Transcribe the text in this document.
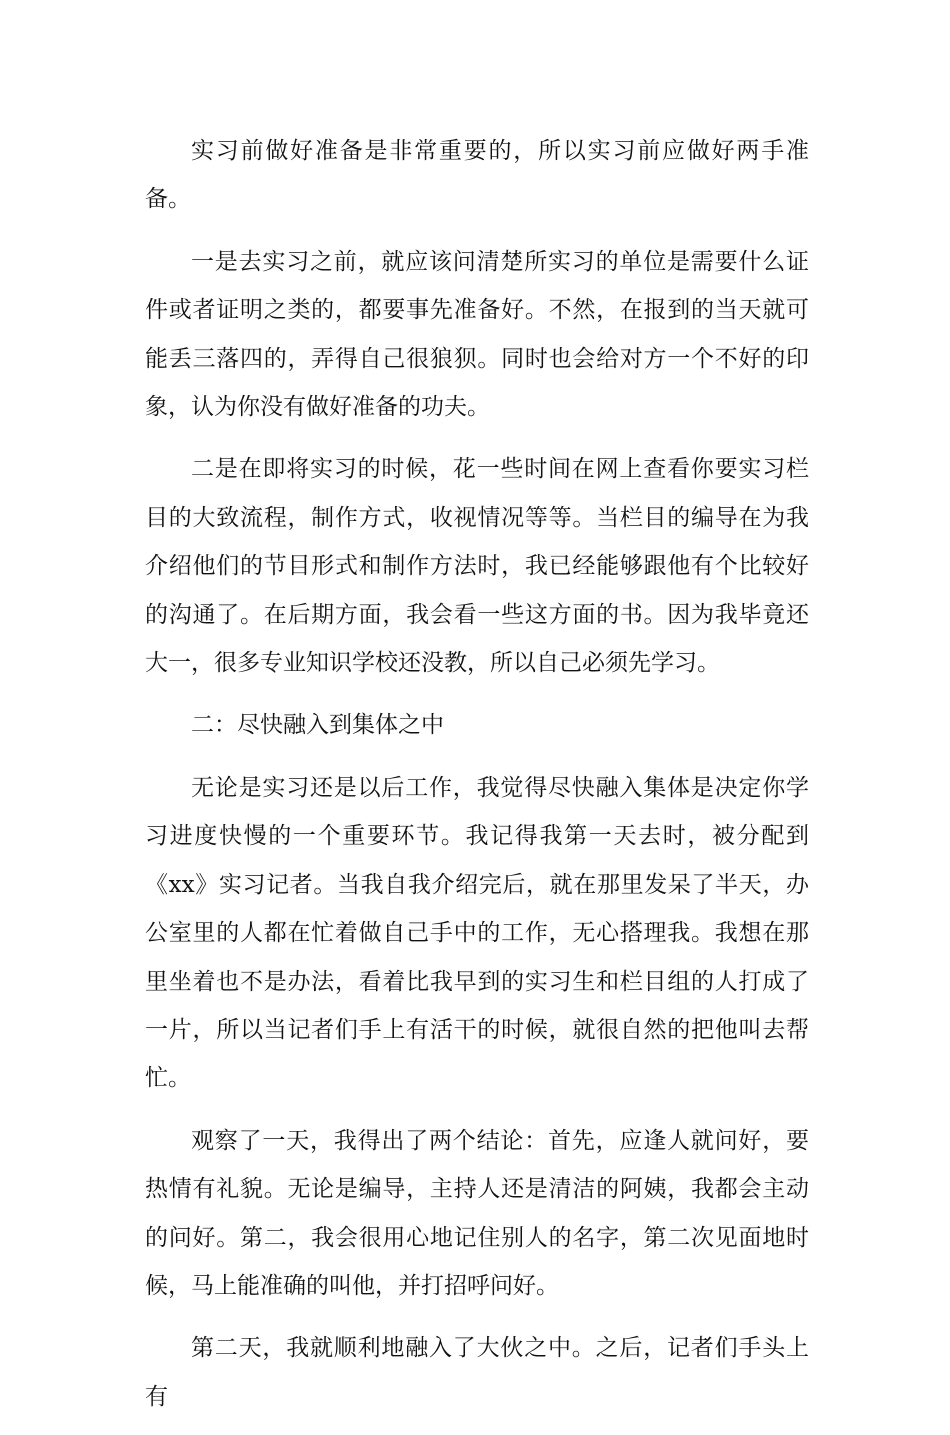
实习前做好准备是非常重要的，所以实习前应做好两手准备。

一是去实习之前，就应该问清楚所实习的单位是需要什么证件或者证明之类的，都要事先准备好。不然，在报到的当天就可能丢三落四的，弄得自己很狼狈。同时也会给对方一个不好的印象，认为你没有做好准备的功夫。

二是在即将实习的时候，花一些时间在网上查看你要实习栏目的大致流程，制作方式，收视情况等等。当栏目的编导在为我介绍他们的节目形式和制作方法时，我已经能够跟他有个比较好的沟通了。在后期方面，我会看一些这方面的书。因为我毕竟还大一，很多专业知识学校还没教，所以自己必须先学习。

二：尽快融入到集体之中

无论是实习还是以后工作，我觉得尽快融入集体是决定你学习进度快慢的一个重要环节。我记得我第一天去时，被分配到《xx》实习记者。当我自我介绍完后，就在那里发呆了半天，办公室里的人都在忙着做自己手中的工作，无心搭理我。我想在那里坐着也不是办法，看着比我早到的实习生和栏目组的人打成了一片，所以当记者们手上有活干的时候，就很自然的把他叫去帮忙。

观察了一天，我得出了两个结论：首先，应逢人就问好，要热情有礼貌。无论是编导，主持人还是清洁的阿姨，我都会主动的问好。第二，我会很用心地记住别人的名字，第二次见面地时候，马上能准确的叫他，并打招呼问好。

第二天，我就顺利地融入了大伙之中。之后，记者们手头上有
